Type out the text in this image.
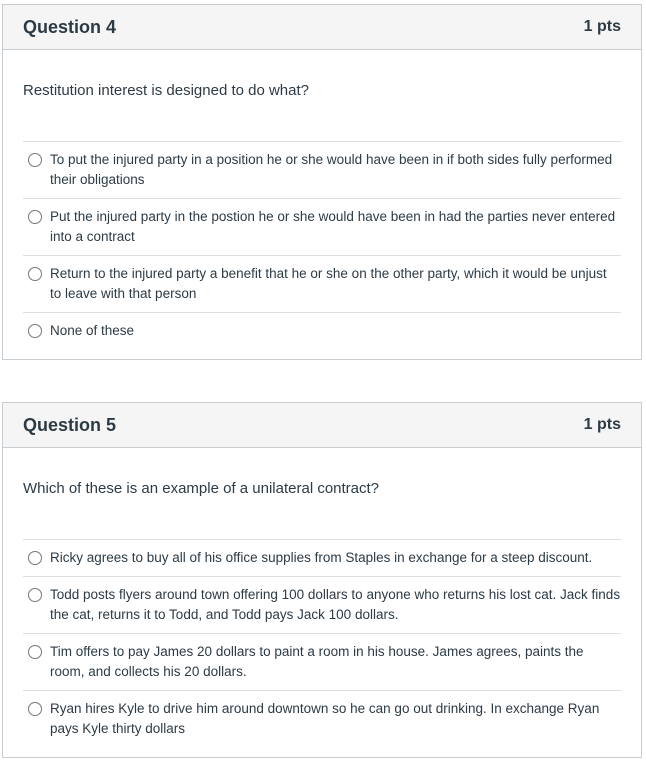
Question 4	1 pts
Restitution interest is designed to do what?
To put the injured party in a position he or she would have been in if both sides fully performed their obligations
Put the injured party in the postion he or she would have been in had the parties never entered into a contract
Return to the injured party a benefit that he or she on the other party, which it would be unjust to leave with that person
None of these
Question 5	1 pts
Which of these is an example of a unilateral contract?
Ricky agrees to buy all of his office supplies from Staples in exchange for a steep discount.
Todd posts flyers around town offering 100 dollars to anyone who returns his lost cat. Jack finds the cat, returns it to Todd, and Todd pays Jack 100 dollars.
Tim offers to pay James 20 dollars to paint a room in his house. James agrees, paints the room, and collects his 20 dollars.
Ryan hires Kyle to drive him around downtown so he can go out drinking. In exchange Ryan pays Kyle thirty dollars
